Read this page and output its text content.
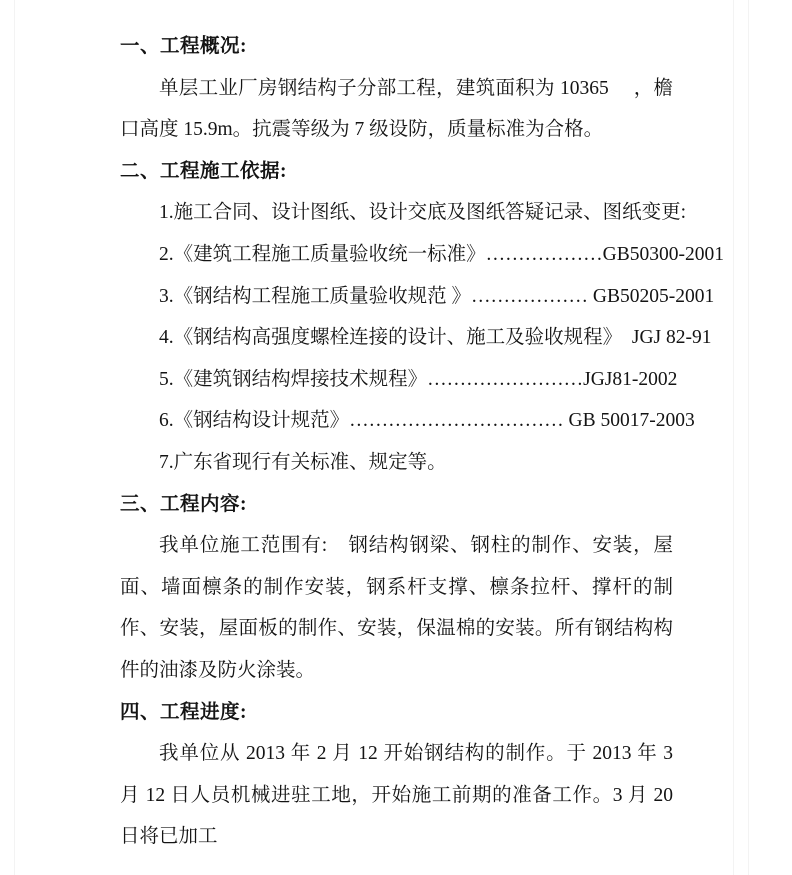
一、工程概况:

单层工业厂房钢结构子分部工程，建筑面积为 10365 　，檐口高度 15.9m。抗震等级为 7 级设防，质量标准为合格。

二、工程施工依据:

1.施工合同、设计图纸、设计交底及图纸答疑记录、图纸变更:

2.《建筑工程施工质量验收统一标准》………………GB50300-2001

3.《钢结构工程施工质量验收规范 》……………… GB50205-2001

4.《钢结构高强度螺栓连接的设计、施工及验收规程》　JGJ 82-91

5.《建筑钢结构焊接技术规程》……………………JGJ81-2002

6.《钢结构设计规范》…………………………… GB 50017-2003

7.广东省现行有关标准、规定等。

三、工程内容:

我单位施工范围有:　钢结构钢梁、钢柱的制作、安装，屋面、墙面檩条的制作安装，钢系杆支撑、檩条拉杆、撑杆的制作、安装，屋面板的制作、安装，保温棉的安装。所有钢结构构件的油漆及防火涂装。

四、工程进度:

我单位从 2013 年 2 月 12 开始钢结构的制作。于 2013 年 3 月 12 日人员机械进驻工地，开始施工前期的准备工作。3 月 20 日将已加工
